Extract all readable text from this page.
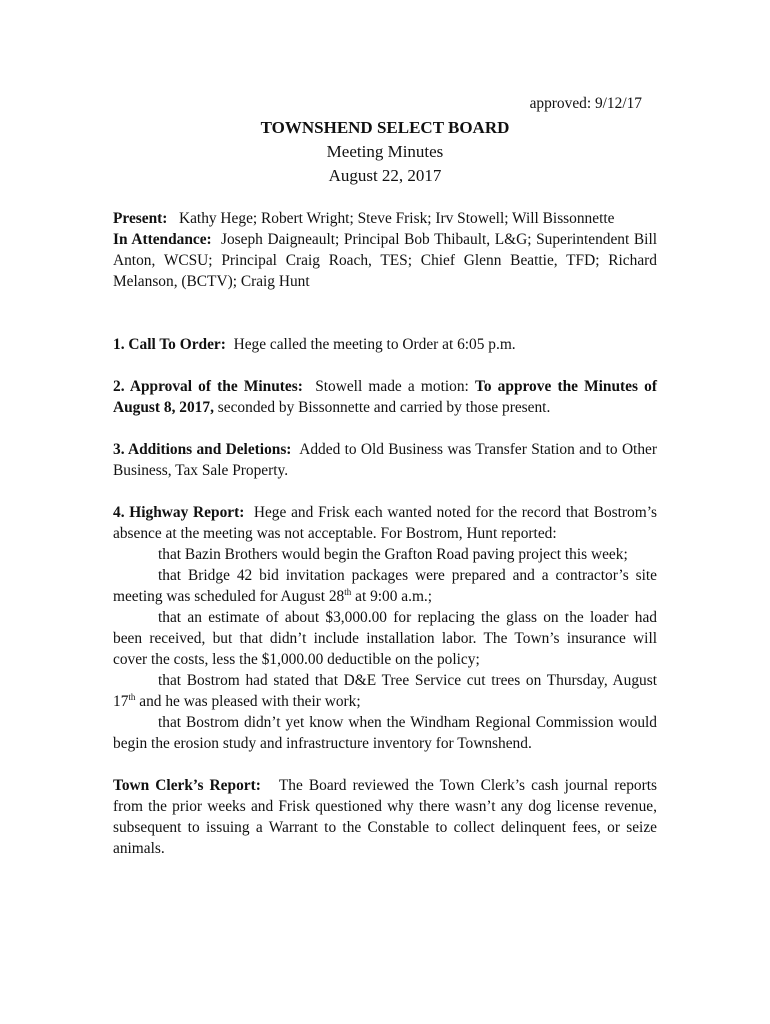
approved: 9/12/17
TOWNSHEND SELECT BOARD
Meeting Minutes
August 22, 2017

Present: Kathy Hege; Robert Wright; Steve Frisk; Irv Stowell; Will Bissonnette

In Attendance: Joseph Daigneault; Principal Bob Thibault, L&G; Superintendent Bill Anton, WCSU; Principal Craig Roach, TES; Chief Glenn Beattie, TFD; Richard Melanson, (BCTV); Craig Hunt

1. Call To Order: Hege called the meeting to Order at 6:05 p.m.

2. Approval of the Minutes: Stowell made a motion: To approve the Minutes of August 8, 2017, seconded by Bissonnette and carried by those present.

3. Additions and Deletions: Added to Old Business was Transfer Station and to Other Business, Tax Sale Property.

4. Highway Report: Hege and Frisk each wanted noted for the record that Bostrom’s absence at the meeting was not acceptable. For Bostrom, Hunt reported:

that Bazin Brothers would begin the Grafton Road paving project this week;

that Bridge 42 bid invitation packages were prepared and a contractor’s site meeting was scheduled for August 28th at 9:00 a.m.;

that an estimate of about $3,000.00 for replacing the glass on the loader had been received, but that didn’t include installation labor. The Town’s insurance will cover the costs, less the $1,000.00 deductible on the policy;

that Bostrom had stated that D&E Tree Service cut trees on Thursday, August 17th and he was pleased with their work;

that Bostrom didn’t yet know when the Windham Regional Commission would begin the erosion study and infrastructure inventory for Townshend.

Town Clerk’s Report: The Board reviewed the Town Clerk’s cash journal reports from the prior weeks and Frisk questioned why there wasn’t any dog license revenue, subsequent to issuing a Warrant to the Constable to collect delinquent fees, or seize animals.
